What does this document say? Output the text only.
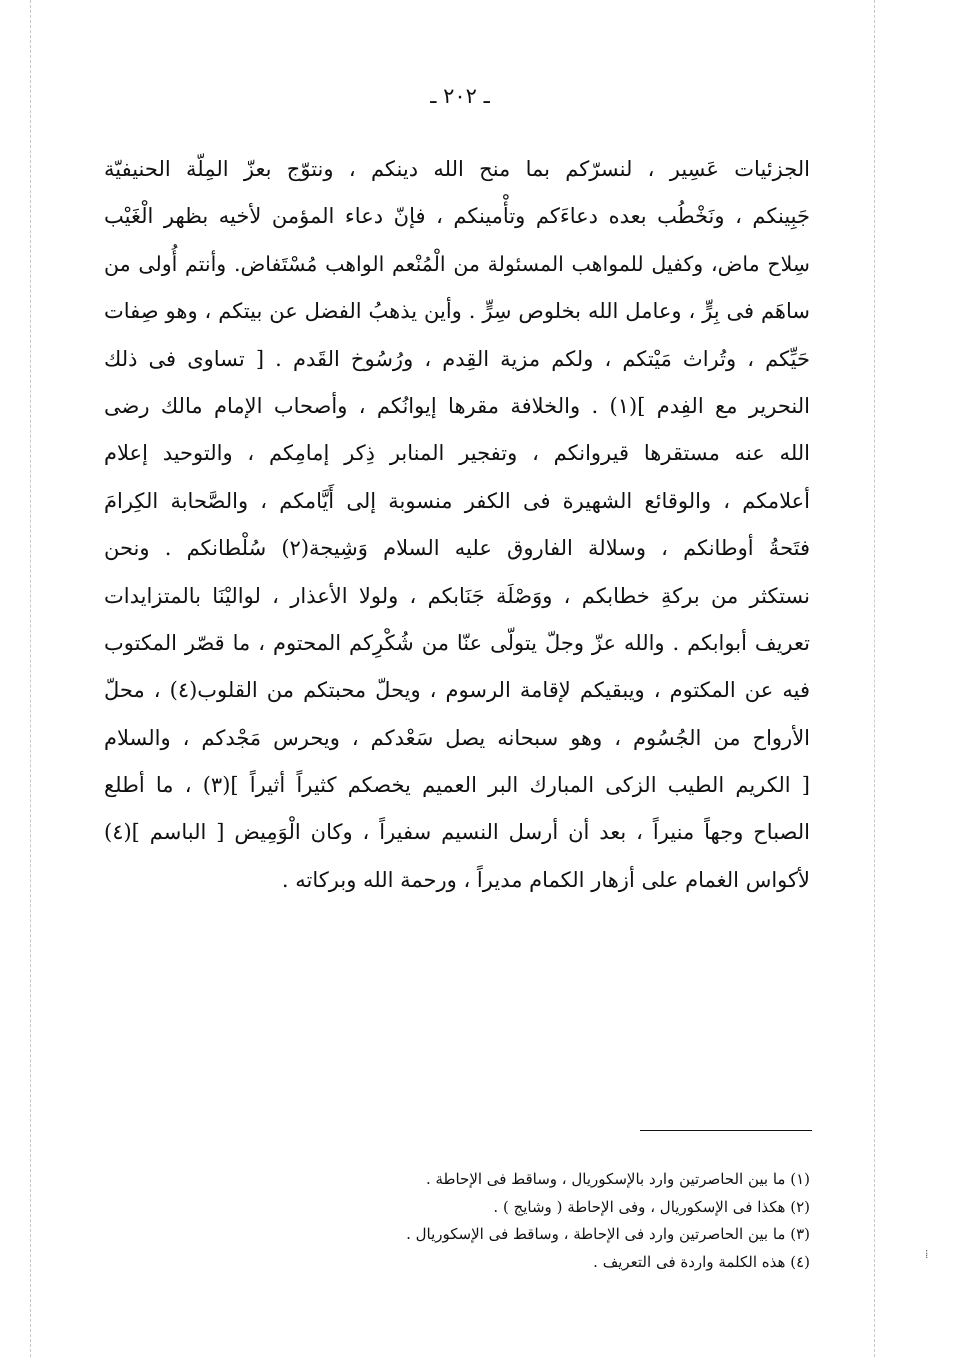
ـ ٢٠٢ ـ
الجزئيات عَسِير ، لنسرّكم بما منح الله دينكم ، ونتوّج بعزّ المِلّة الحنيفيّة
جَبِينكم ، ونَخْطُب بعده دعاءَكم وتأْمينكم ، فإنّ دعاء المؤمن لأخيه بظهر الْغَيْب
سِلاح ماض، وكفيل للمواهب المسئولة من الْمُنْعم الواهب مُسْتَفاض. وأنتم أُولى من
ساهَم فى بِرٍّ ، وعامل الله بخلوص سِرٍّ . وأين يذهبُ الفضل عن بيتكم ، وهو صِفات
حَيِّكم ، وتُراث مَيْتكم ، ولكم مزية القِدم ، ورُسُوخ القَدم . [ تساوى فى ذلك
النحرير مع الفِدم ](١) . والخلافة مقرها إيوانُكم ، وأصحاب الإمام مالك رضى
الله عنه مستقرها قيروانكم ، وتفجير المنابر ذِكر إمامِكم ، والتوحيد إعلام
أعلامكم ، والوقائع الشهيرة فى الكفر منسوبة إلى أَيَّامكم ، والصَّحابة الكِرامَ
فتَحةُ أوطانكم ، وسلالة الفاروق عليه السلام وَشِيجة(٢) سُلْطانكم . ونحن
نستكثر من بركةِ خطابكم ، ووَصْلَة جَنَابكم ، ولولا الأعذار ، لواليْنَا بالمتزايدات
تعريف أبوابكم . والله عزّ وجلّ يتولّى عنّا من شُكْرِكم المحتوم ، ما قصّر المكتوب
فيه عن المكتوم ، ويبقيكم لإقامة الرسوم ، ويحلّ محبتكم من القلوب(٤) ، محلّ
الأرواح من الجُسُوم ، وهو سبحانه يصل سَعْدكم ، ويحرس مَجْدكم ، والسلام
[ الكريم الطيب الزكى المبارك البر العميم يخصكم كثيراً أثيراً ](٣) ، ما أطلع
الصباح وجهاً منيراً ، بعد أن أرسل النسيم سفيراً ، وكان الْوَمِيض [ الباسم ](٤)
لأكواس الغمام على أزهار الكمام مديراً ، ورحمة الله وبركاته .
(١) ما بين الحاصرتين وارد بالإسكوريال ، وساقط فى الإحاطة .
(٢) هكذا فى الإسكوريال ، وفى الإحاطة ( وشايج ) .
(٣) ما بين الحاصرتين وارد فى الإحاطة ، وساقط فى الإسكوريال .
(٤) هذه الكلمة واردة فى التعريف .	⁞
